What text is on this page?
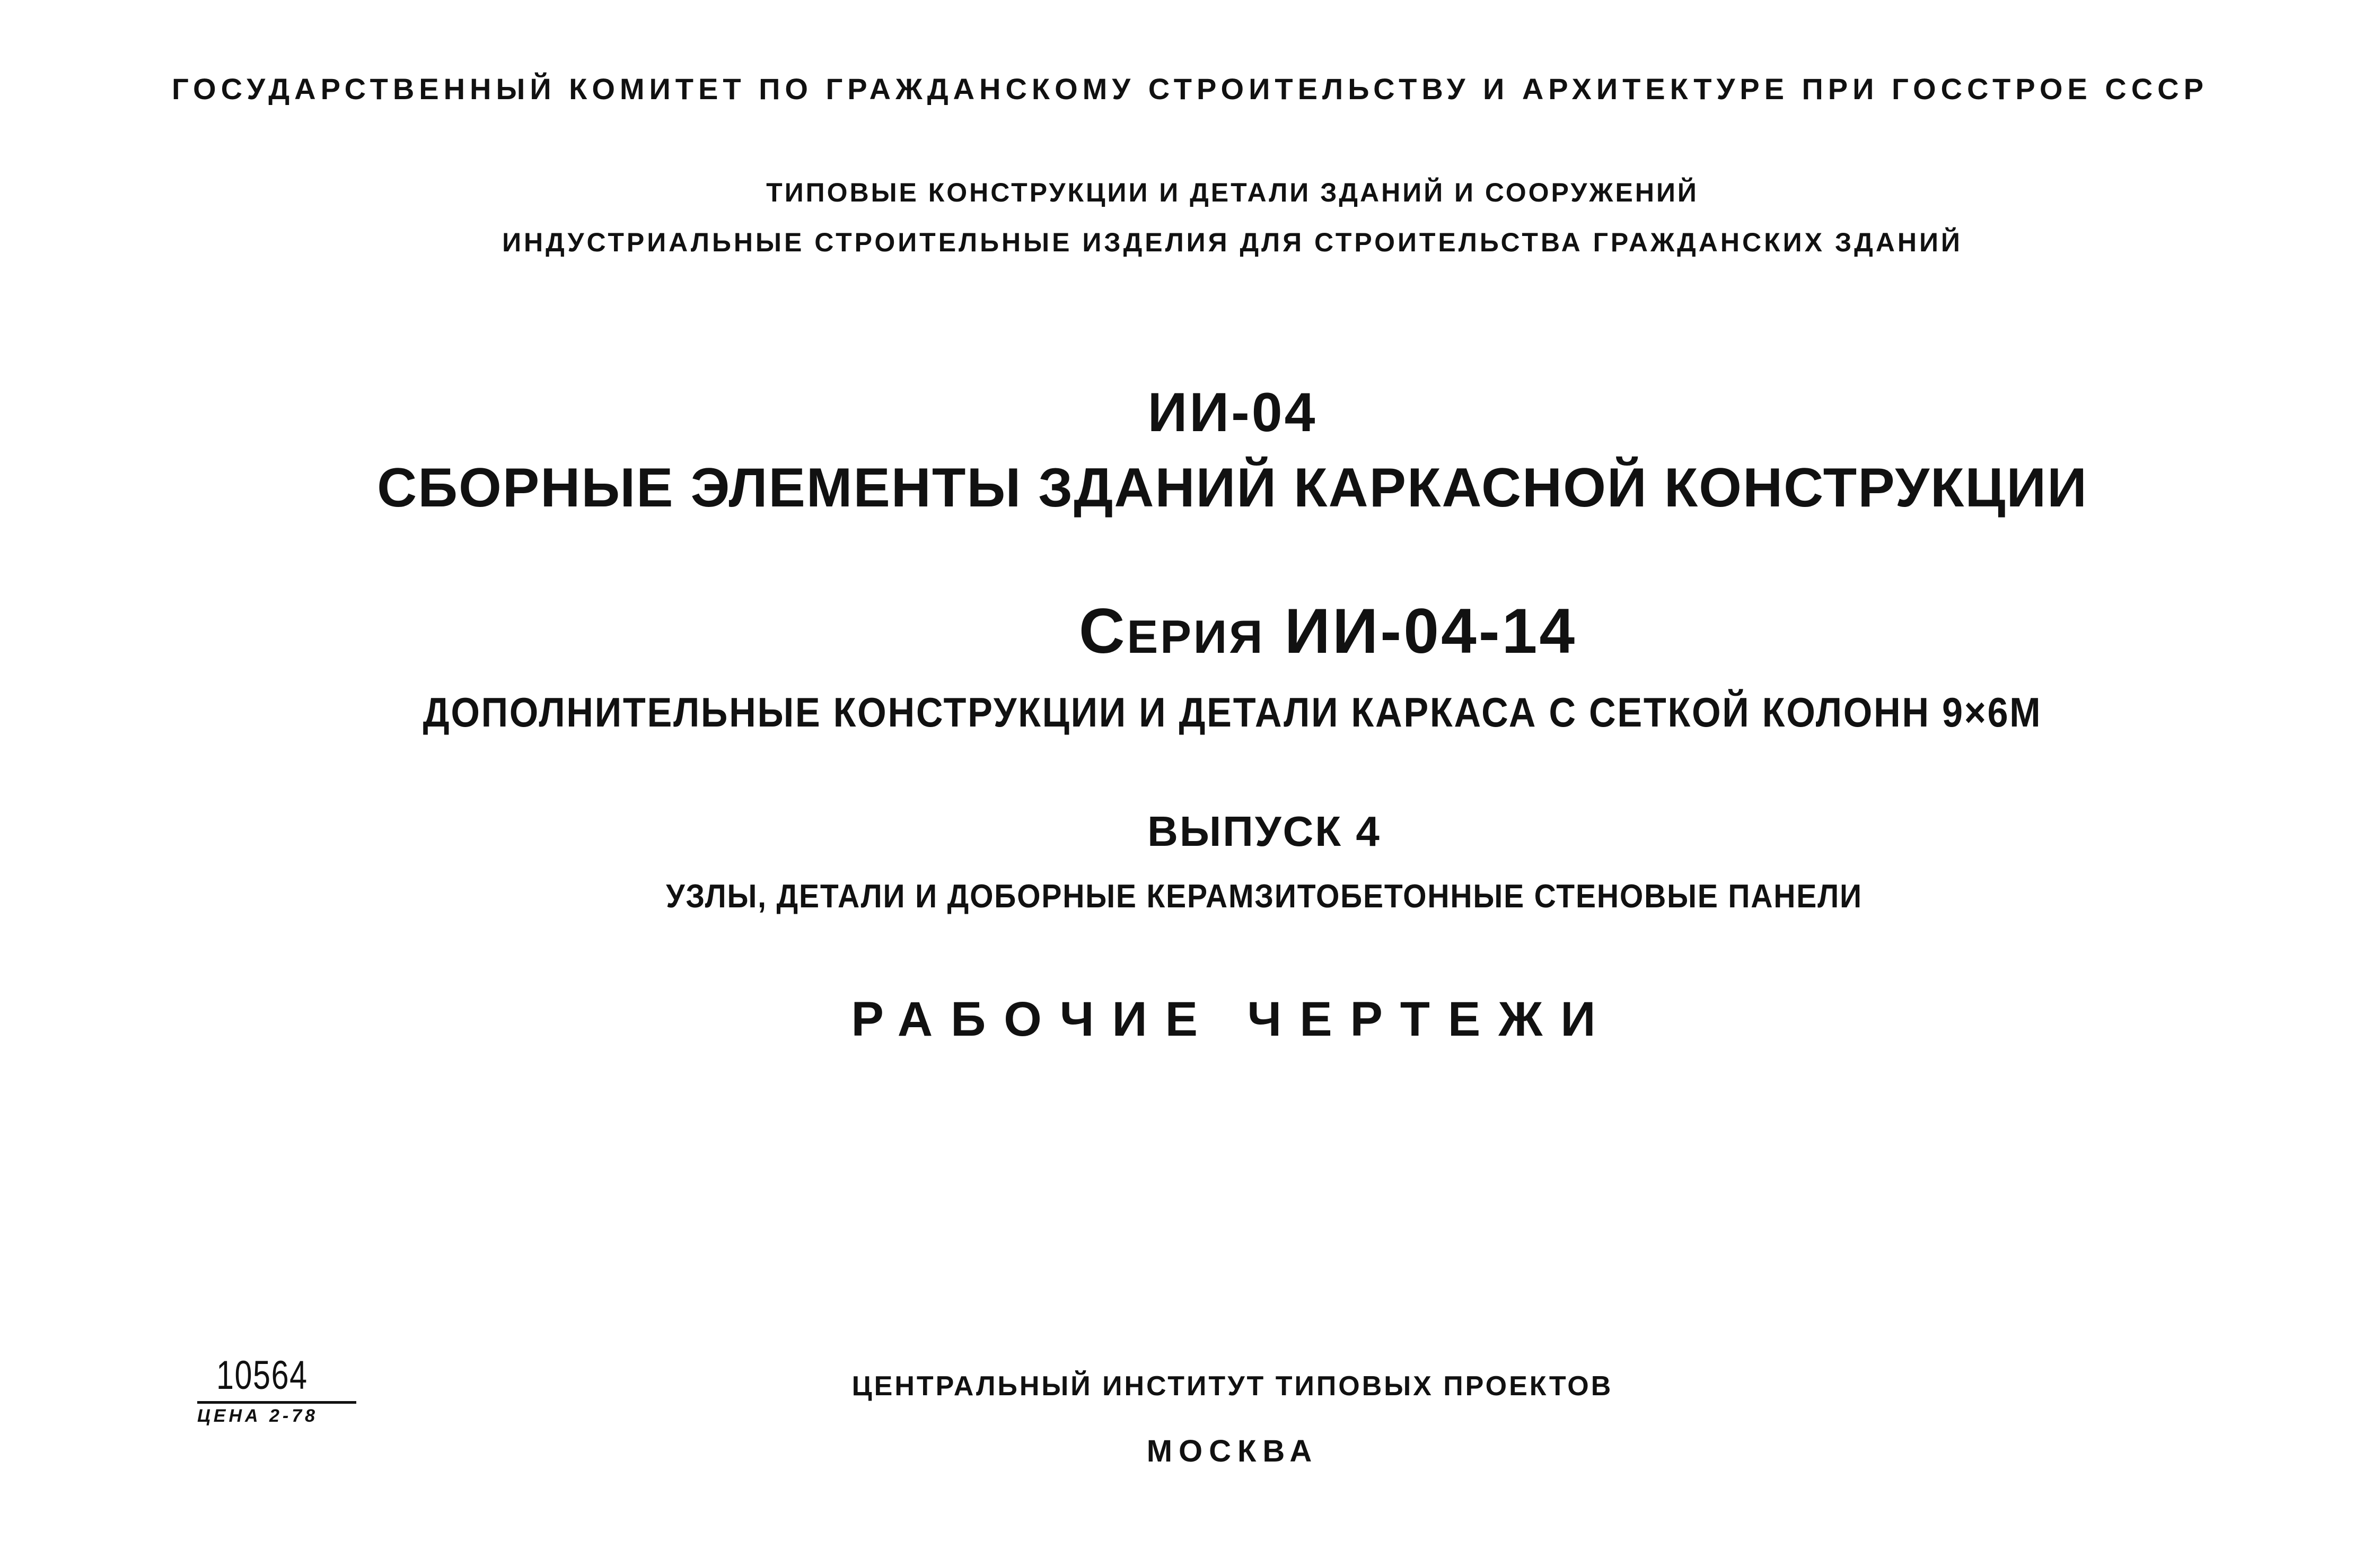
ГОСУДАРСТВЕННЫЙ КОМИТЕТ ПО ГРАЖДАНСКОМУ СТРОИТЕЛЬСТВУ И АРХИТЕКТУРЕ ПРИ ГОССТРОЕ СССР
ТИПОВЫЕ КОНСТРУКЦИИ И ДЕТАЛИ ЗДАНИЙ И СООРУЖЕНИЙ
ИНДУСТРИАЛЬНЫЕ СТРОИТЕЛЬНЫЕ ИЗДЕЛИЯ ДЛЯ СТРОИТЕЛЬСТВА ГРАЖДАНСКИХ ЗДАНИЙ
ИИ-04
СБОРНЫЕ ЭЛЕМЕНТЫ ЗДАНИЙ КАРКАСНОЙ КОНСТРУКЦИИ
СЕРИЯ ИИ-04-14
ДОПОЛНИТЕЛЬНЫЕ КОНСТРУКЦИИ И ДЕТАЛИ КАРКАСА С СЕТКОЙ КОЛОНН 9×6М
ВЫПУСК 4
УЗЛЫ, ДЕТАЛИ И ДОБОРНЫЕ КЕРАМЗИТОБЕТОННЫЕ СТЕНОВЫЕ ПАНЕЛИ
РАБОЧИЕ ЧЕРТЕЖИ
10564
ЦЕНА 2-78
ЦЕНТРАЛЬНЫЙ ИНСТИТУТ ТИПОВЫХ ПРОЕКТОВ
МОСКВА
